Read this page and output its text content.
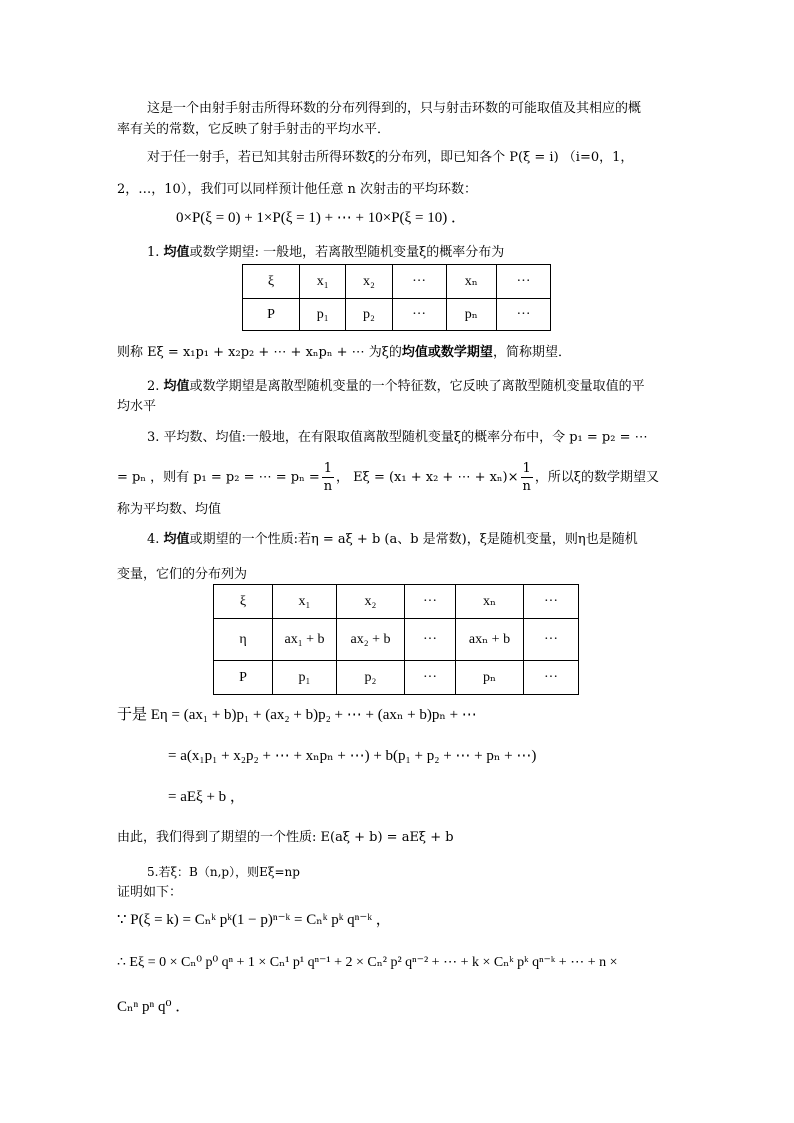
这是一个由射手射击所得环数的分布列得到的，只与射击环数的可能取值及其相应的概
率有关的常数，它反映了射手射击的平均水平．
对于任一射手，若已知其射击所得环数ξ的分布列，即已知各个 P(ξ = i) （i=0，1，
2，…，10），我们可以同样预计他任意 n 次射击的平均环数：
0×P(ξ = 0) + 1×P(ξ = 1) + ⋯ + 10×P(ξ = 10) ．
1. 均值或数学期望: 一般地，若离散型随机变量ξ的概率分布为
ξ	x₁	x₂	···	xₙ	···
P	p₁	p₂	···	pₙ	···
则称 Eξ = x₁p₁ + x₂p₂ + ⋯ + xₙpₙ + ⋯ 为ξ的均值或数学期望，简称期望．
2. 均值或数学期望是离散型随机变量的一个特征数，它反映了离散型随机变量取值的平
均水平
3. 平均数、均值:一般地，在有限取值离散型随机变量ξ的概率分布中，令 p₁ = p₂ = ⋯
= pₙ ，则有 p₁ = p₂ = ⋯ = $p_n = \frac{1}{n}$ ， Eξ = (x₁ + x₂ + ⋯ + $x_n)\times \frac{1}{n}$ ，所以ξ的数学期望又
称为平均数、均值
4. 均值或期望的一个性质:若η = aξ + b (a、b 是常数)，ξ是随机变量，则η也是随机
变量，它们的分布列为
ξ	x₁	x₂	···	xₙ	···
η	ax₁ + b	ax₂ + b	···	axₙ + b	···
P	p₁	p₂	···	pₙ	···
于是 Eη = (ax₁ + b)p₁ + (ax₂ + b)p₂ + ⋯ + (axₙ + b)pₙ + ⋯
= a(x₁p₁ + x₂p₂ + ⋯ + xₙpₙ + ⋯) + b(p₁ + p₂ + ⋯ + pₙ + ⋯)
= aEξ + b ，
由此，我们得到了期望的一个性质: E(aξ + b) = aEξ + b
5.若ξ：B（n,p），则Eξ=np
证明如下：
∵ P(ξ = k) = Cₙᵏ pᵏ(1 − p)ⁿ⁻ᵏ = Cₙᵏ pᵏ qⁿ⁻ᵏ ，
∴ Eξ = 0 × Cₙ⁰ p⁰ qⁿ + 1 × Cₙ¹ p¹ qⁿ⁻¹ + 2 × Cₙ² p² qⁿ⁻² + ⋯ + k × Cₙᵏ pᵏ qⁿ⁻ᵏ + ⋯ + n ×
Cₙⁿ pⁿ q⁰ ．
